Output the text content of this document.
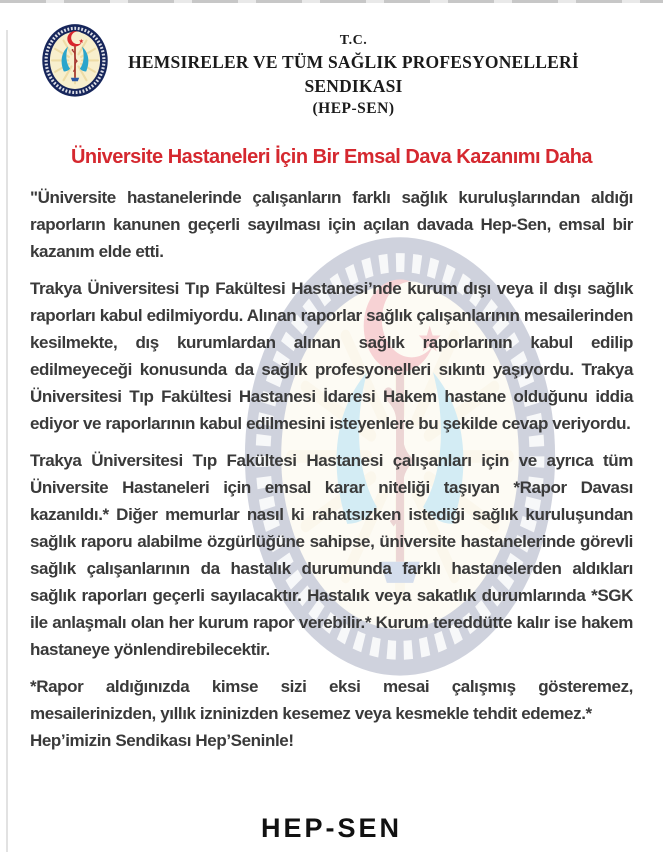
T.C.
HEMSIRELER VE TÜM SAĞLIK PROFESYONELLERİ SENDIKASI
(HEP-SEN)
Üniversite Hastaneleri İçin Bir Emsal Dava Kazanımı Daha

"Üniversite hastanelerinde çalışanların farklı sağlık kuruluşlarından aldığı raporların kanunen geçerli sayılması için açılan davada Hep-Sen, emsal bir kazanım elde etti.

Trakya Üniversitesi Tıp Fakültesi Hastanesi’nde kurum dışı veya il dışı sağlık raporları kabul edilmiyordu. Alınan raporlar sağlık çalışanlarının mesailerinden kesilmekte, dış kurumlardan alınan sağlık raporlarının kabul edilip edilmeyeceği konusunda da sağlık profesyonelleri sıkıntı yaşıyordu. Trakya Üniversitesi Tıp Fakültesi Hastanesi İdaresi Hakem hastane olduğunu iddia ediyor ve raporlarının kabul edilmesini isteyenlere bu şekilde cevap veriyordu.

Trakya Üniversitesi Tıp Fakültesi Hastanesi çalışanları için ve ayrıca tüm Üniversite Hastaneleri için emsal karar niteliği taşıyan *Rapor Davası kazanıldı.* Diğer memurlar nasıl ki rahatsızken istediği sağlık kuruluşundan sağlık raporu alabilme özgürlüğüne sahipse, üniversite hastanelerinde görevli sağlık çalışanlarının da hastalık durumunda farklı hastanelerden aldıkları sağlık raporları geçerli sayılacaktır. Hastalık veya sakatlık durumlarında *SGK ile anlaşmalı olan her kurum rapor verebilir.* Kurum tereddütte kalır ise hakem hastaneye yönlendirebilecektir.

*Rapor aldığınızda kimse sizi eksi mesai çalışmış gösteremez, mesailerinizden, yıllık izninizden kesemez veya kesmekle tehdit edemez.*

Hep’imizin Sendikası Hep’Seninle!

HEP-SEN
